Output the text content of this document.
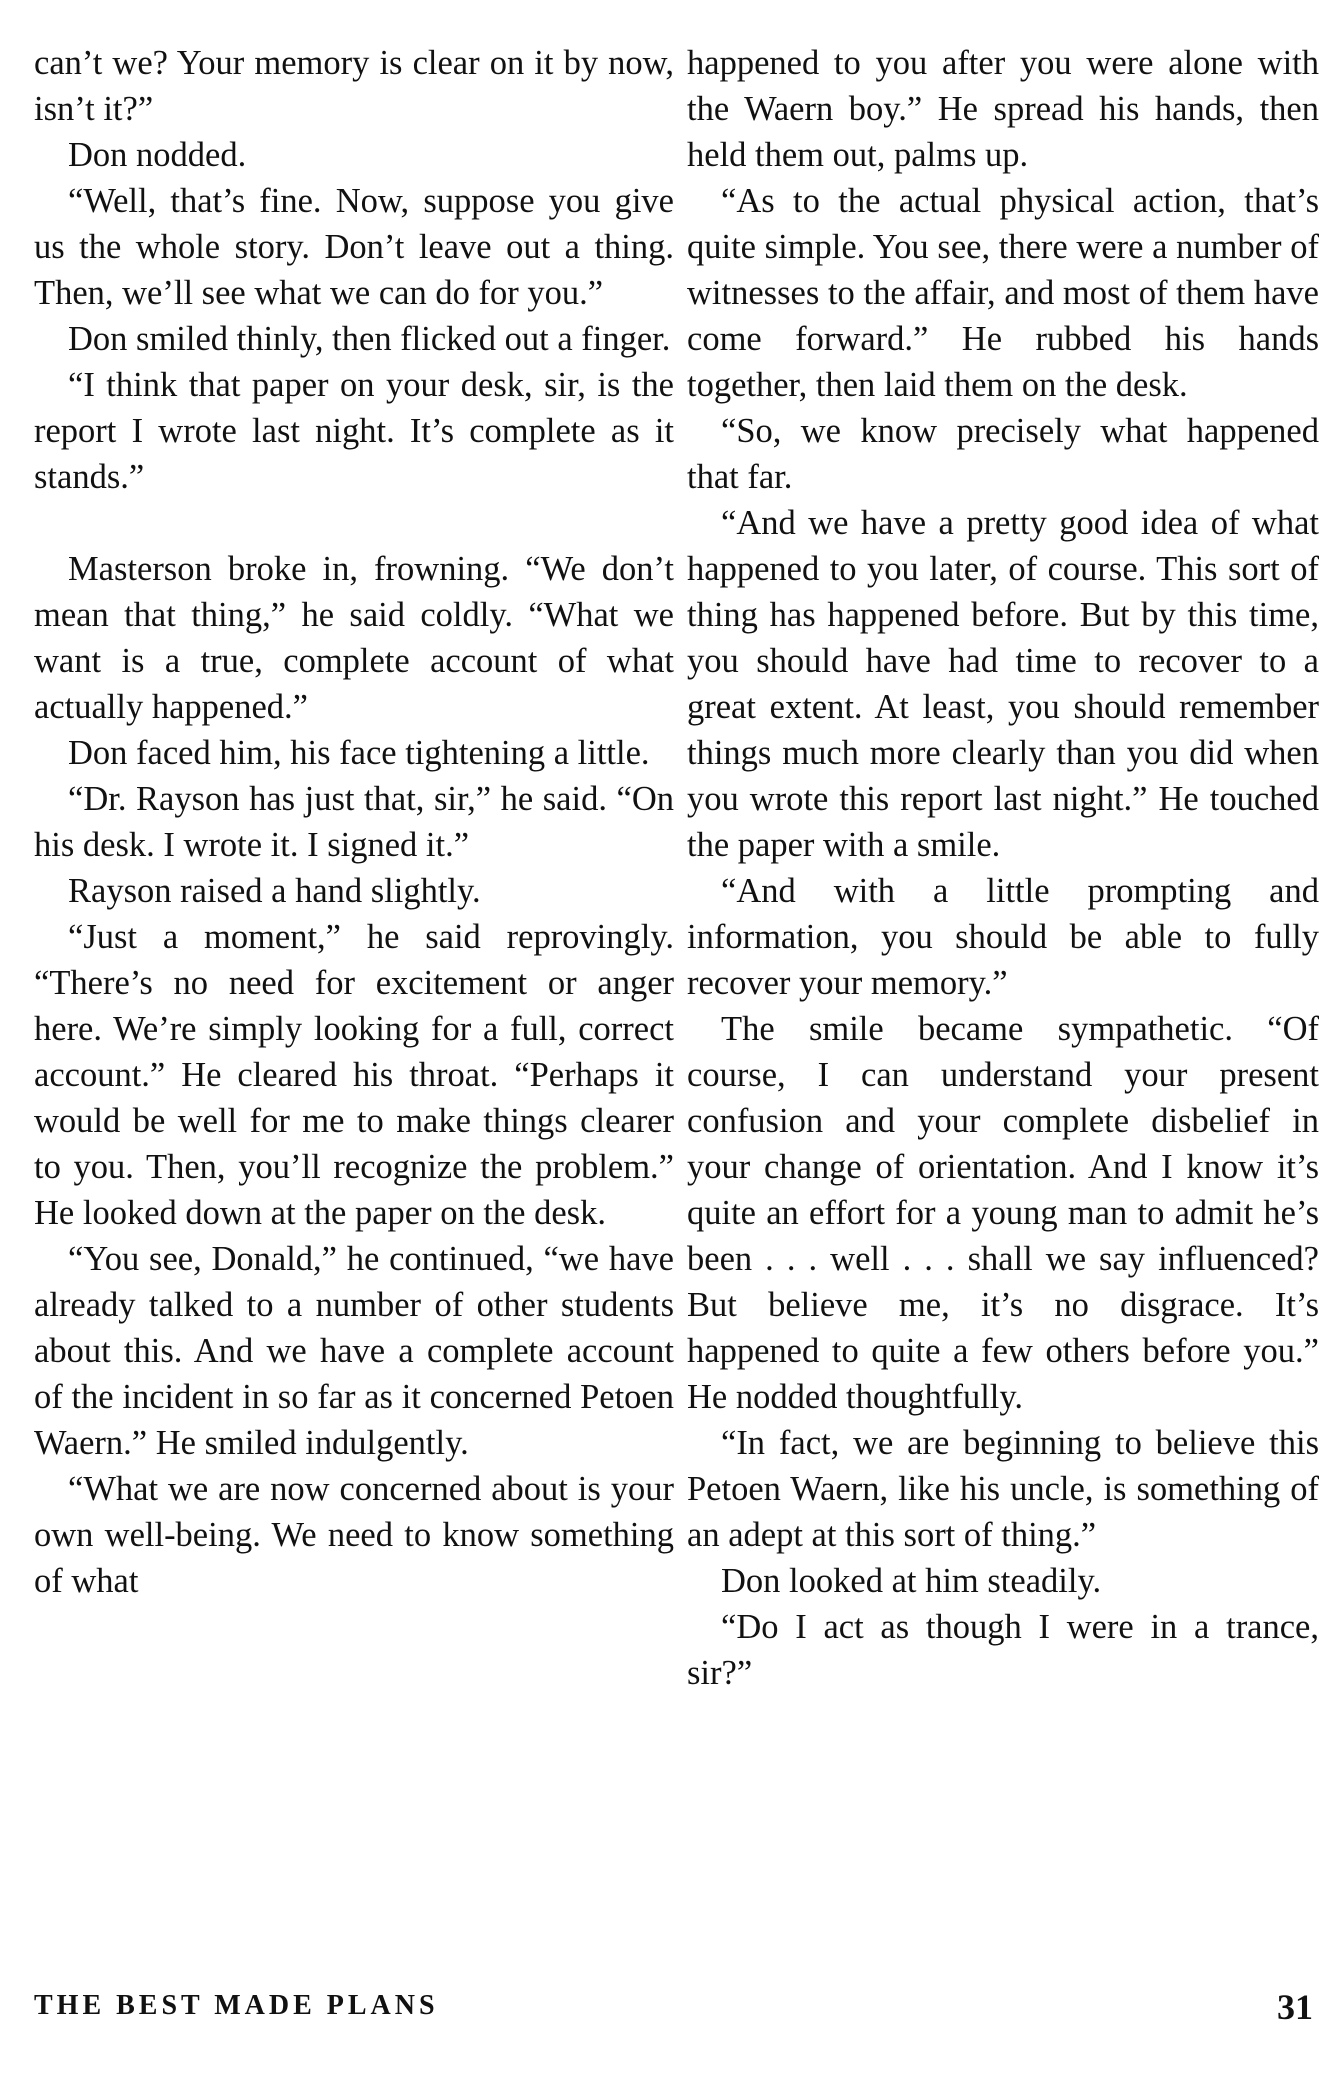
can’t we? Your memory is clear on it by now, isn’t it?”

Don nodded.

“Well, that’s fine. Now, suppose you give us the whole story. Don’t leave out a thing. Then, we’ll see what we can do for you.”

Don smiled thinly, then flicked out a finger.

“I think that paper on your desk, sir, is the report I wrote last night. It’s complete as it stands.”

Masterson broke in, frowning. “We don’t mean that thing,” he said coldly. “What we want is a true, complete account of what actually happened.”

Don faced him, his face tightening a little.

“Dr. Rayson has just that, sir,” he said. “On his desk. I wrote it. I signed it.”

Rayson raised a hand slightly.

“Just a moment,” he said reprovingly. “There’s no need for excitement or anger here. We’re simply looking for a full, correct account.” He cleared his throat. “Perhaps it would be well for me to make things clearer to you. Then, you’ll recognize the problem.” He looked down at the paper on the desk.

“You see, Donald,” he continued, “we have already talked to a number of other students about this. And we have a complete account of the incident in so far as it concerned Petoen Waern.” He smiled indulgently.

“What we are now concerned about is your own well-being. We need to know something of what

happened to you after you were alone with the Waern boy.” He spread his hands, then held them out, palms up.

“As to the actual physical action, that’s quite simple. You see, there were a number of witnesses to the affair, and most of them have come forward.” He rubbed his hands together, then laid them on the desk.

“So, we know precisely what happened that far.

“And we have a pretty good idea of what happened to you later, of course. This sort of thing has happened before. But by this time, you should have had time to recover to a great extent. At least, you should remember things much more clearly than you did when you wrote this report last night.” He touched the paper with a smile.

“And with a little prompting and information, you should be able to fully recover your memory.”

The smile became sympathetic. “Of course, I can understand your present confusion and your complete disbelief in your change of orientation. And I know it’s quite an effort for a young man to admit he’s been . . . well . . . shall we say influenced? But believe me, it’s no disgrace. It’s happened to quite a few others before you.” He nodded thoughtfully.

“In fact, we are beginning to believe this Petoen Waern, like his uncle, is something of an adept at this sort of thing.”

Don looked at him steadily.

“Do I act as though I were in a trance, sir?”

THE BEST MADE PLANS	31
